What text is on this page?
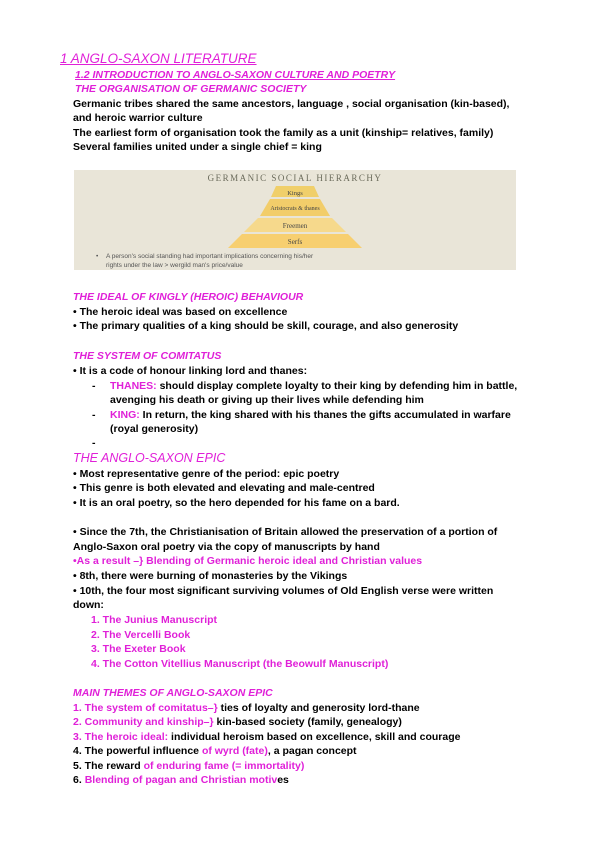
1 ANGLO-SAXON LITERATURE
1.2 INTRODUCTION TO ANGLO-SAXON CULTURE AND POETRY
THE ORGANISATION OF GERMANIC SOCIETY
Germanic tribes shared the same ancestors, language , social organisation (kin-based),
and heroic warrior culture
The earliest form of organisation took the family as a unit (kinship= relatives, family)
Several families united under a single chief = king
GERMANIC SOCIAL HIERARCHY
Kings
Aristocrats & thanes
Freemen
Serfs
• A person's social standing had important implications concerning his/her
rights under the law > wergild man's price/value
THE IDEAL OF KINGLY (HEROIC) BEHAVIOUR
• The heroic ideal was based on excellence
• The primary qualities of a king should be skill, courage, and also generosity
THE SYSTEM OF COMITATUS
• It is a code of honour linking lord and thanes:
- THANES: should display complete loyalty to their king by defending him in battle,
avenging his death or giving up their lives while defending him
- KING: In return, the king shared with his thanes the gifts accumulated in warfare
(royal generosity)
-
THE ANGLO-SAXON EPIC
• Most representative genre of the period: epic poetry
• This genre is both elevated and elevating and male-centred
• It is an oral poetry, so the hero depended for his fame on a bard.
• Since the 7th, the Christianisation of Britain allowed the preservation of a portion of
Anglo-Saxon oral poetry via the copy of manuscripts by hand
•As a result –} Blending of Germanic heroic ideal and Christian values
• 8th, there were burning of monasteries by the Vikings
• 10th, the four most significant surviving volumes of Old English verse were written
down:
1. The Junius Manuscript
2. The Vercelli Book
3. The Exeter Book
4. The Cotton Vitellius Manuscript (the Beowulf Manuscript)
MAIN THEMES OF ANGLO-SAXON EPIC
1. The system of comitatus–} ties of loyalty and generosity lord-thane
2. Community and kinship–} kin-based society (family, genealogy)
3. The heroic ideal: individual heroism based on excellence, skill and courage
4. The powerful influence of wyrd (fate), a pagan concept
5. The reward of enduring fame (= immortality)
6. Blending of pagan and Christian motives
